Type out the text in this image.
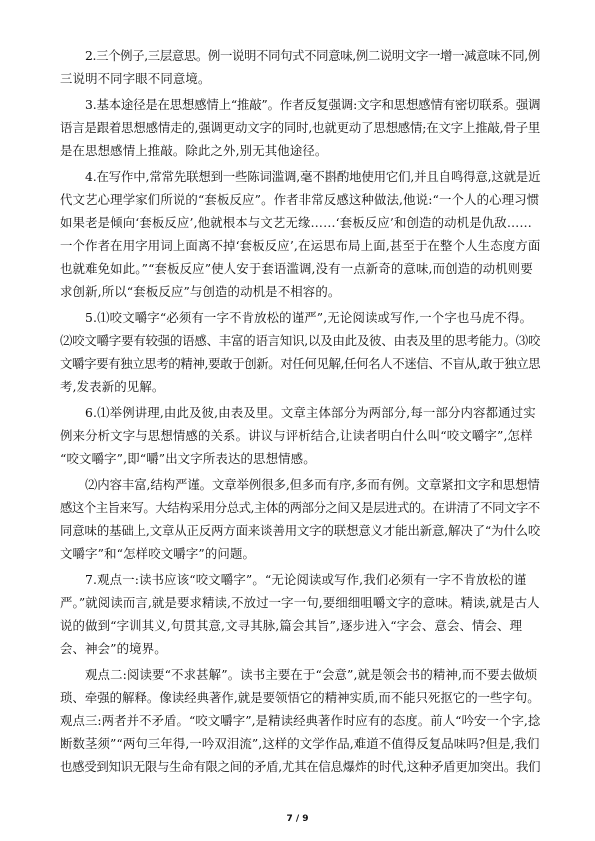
2.三个例子,三层意思。例一说明不同句式不同意味,例二说明文字一增一减意味不同,例
三说明不同字眼不同意境。
3.基本途径是在思想感情上“推敲”。作者反复强调:文字和思想感情有密切联系。强调
语言是跟着思想感情走的,强调更动文字的同时,也就更动了思想感情;在文字上推敲,骨子里
是在思想感情上推敲。除此之外,别无其他途径。
4.在写作中,常常先联想到一些陈词滥调,毫不斟酌地使用它们,并且自鸣得意,这就是近
代文艺心理学家们所说的“套板反应”。作者非常反感这种做法,他说:“一个人的心理习惯
如果老是倾向‘套板反应’,他就根本与文艺无缘……‘套板反应’和创造的动机是仇敌……
一个作者在用字用词上面离不掉‘套板反应’,在运思布局上面,甚至于在整个人生态度方面
也就难免如此。”“套板反应”使人安于套语滥调,没有一点新奇的意味,而创造的动机则要
求创新,所以“套板反应”与创造的动机是不相容的。
5.⑴咬文嚼字“必须有一字不肯放松的谨严”,无论阅读或写作,一个字也马虎不得。
⑵咬文嚼字要有较强的语感、丰富的语言知识,以及由此及彼、由表及里的思考能力。⑶咬
文嚼字要有独立思考的精神,要敢于创新。对任何见解,任何名人不迷信、不盲从,敢于独立思
考,发表新的见解。
6.⑴举例讲理,由此及彼,由表及里。文章主体部分为两部分,每一部分内容都通过实
例来分析文字与思想情感的关系。讲议与评析结合,让读者明白什么叫“咬文嚼字”,怎样
“咬文嚼字”,即“嚼”出文字所表达的思想情感。
⑵内容丰富,结构严谨。文章举例很多,但多而有序,多而有例。文章紧扣文字和思想情
感这个主旨来写。大结构采用分总式,主体的两部分之间又是层进式的。在讲清了不同文字不
同意味的基础上,文章从正反两方面来谈善用文字的联想意义才能出新意,解决了“为什么咬
文嚼字”和“怎样咬文嚼字”的问题。
7.观点一:读书应该“咬文嚼字”。“无论阅读或写作,我们必须有一字不肯放松的谨
严。”就阅读而言,就是要求精读,不放过一字一句,要细细咀嚼文字的意味。精读,就是古人
说的做到“字训其义,句贯其意,文寻其脉,篇会其旨”,逐步进入“字会、意会、情会、理
会、神会”的境界。
观点二:阅读要“不求甚解”。读书主要在于“会意”,就是领会书的精神,而不要去做烦
琐、牵强的解释。像读经典著作,就是要领悟它的精神实质,而不能只死抠它的一些字句。
观点三:两者并不矛盾。“咬文嚼字”,是精读经典著作时应有的态度。前人“吟安一个字,捻
断数茎须”“两句三年得,一吟双泪流”,这样的文学作品,难道不值得反复品味吗?但是,我们
也感受到知识无限与生命有限之间的矛盾,尤其在信息爆炸的时代,这种矛盾更加突出。我们
7 / 9
